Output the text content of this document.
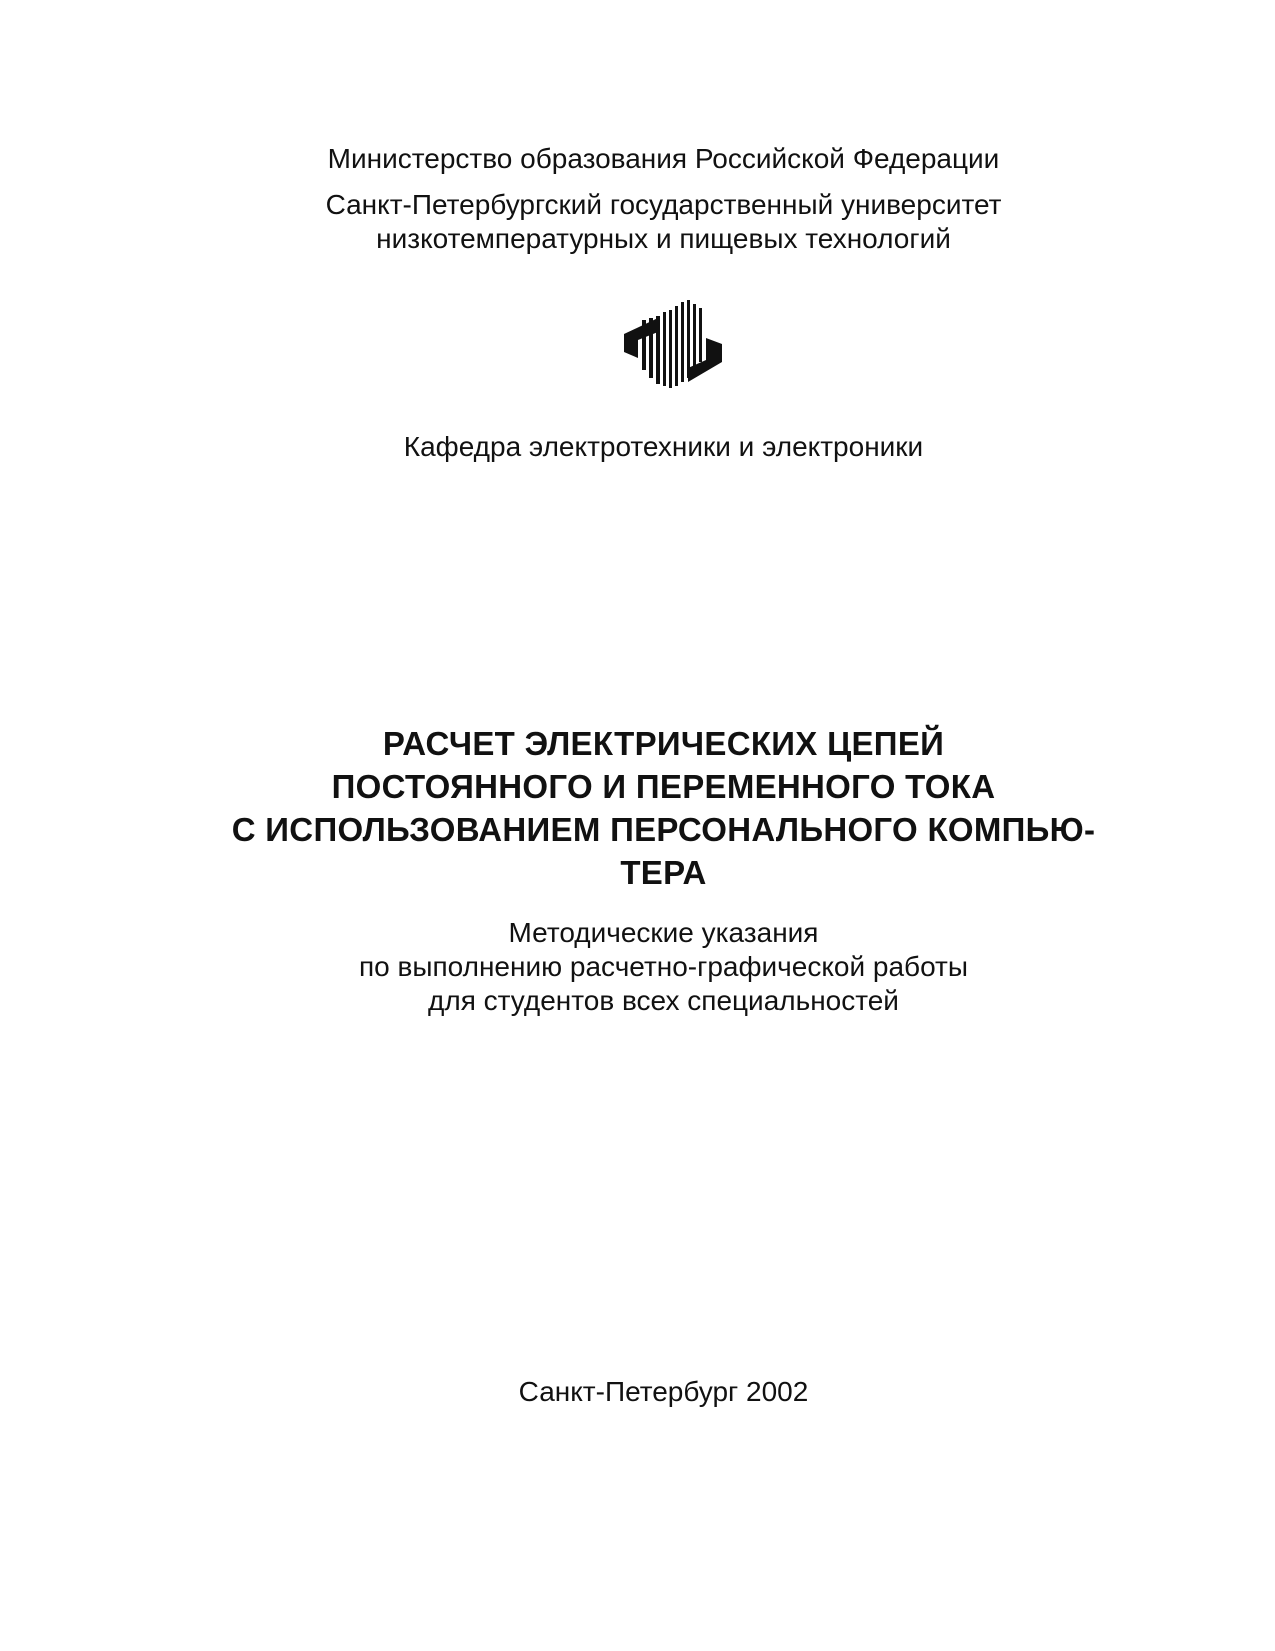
Министерство образования Российской Федерации
Санкт-Петербургский государственный университет
низкотемпературных и пищевых технологий
Кафедра электротехники и электроники
РАСЧЕТ ЭЛЕКТРИЧЕСКИХ ЦЕПЕЙ
ПОСТОЯННОГО И ПЕРЕМЕННОГО ТОКА
С ИСПОЛЬЗОВАНИЕМ ПЕРСОНАЛЬНОГО КОМПЬЮ-
ТЕРА
Методические указания
по выполнению расчетно-графической работы
для студентов всех специальностей
Санкт-Петербург 2002
